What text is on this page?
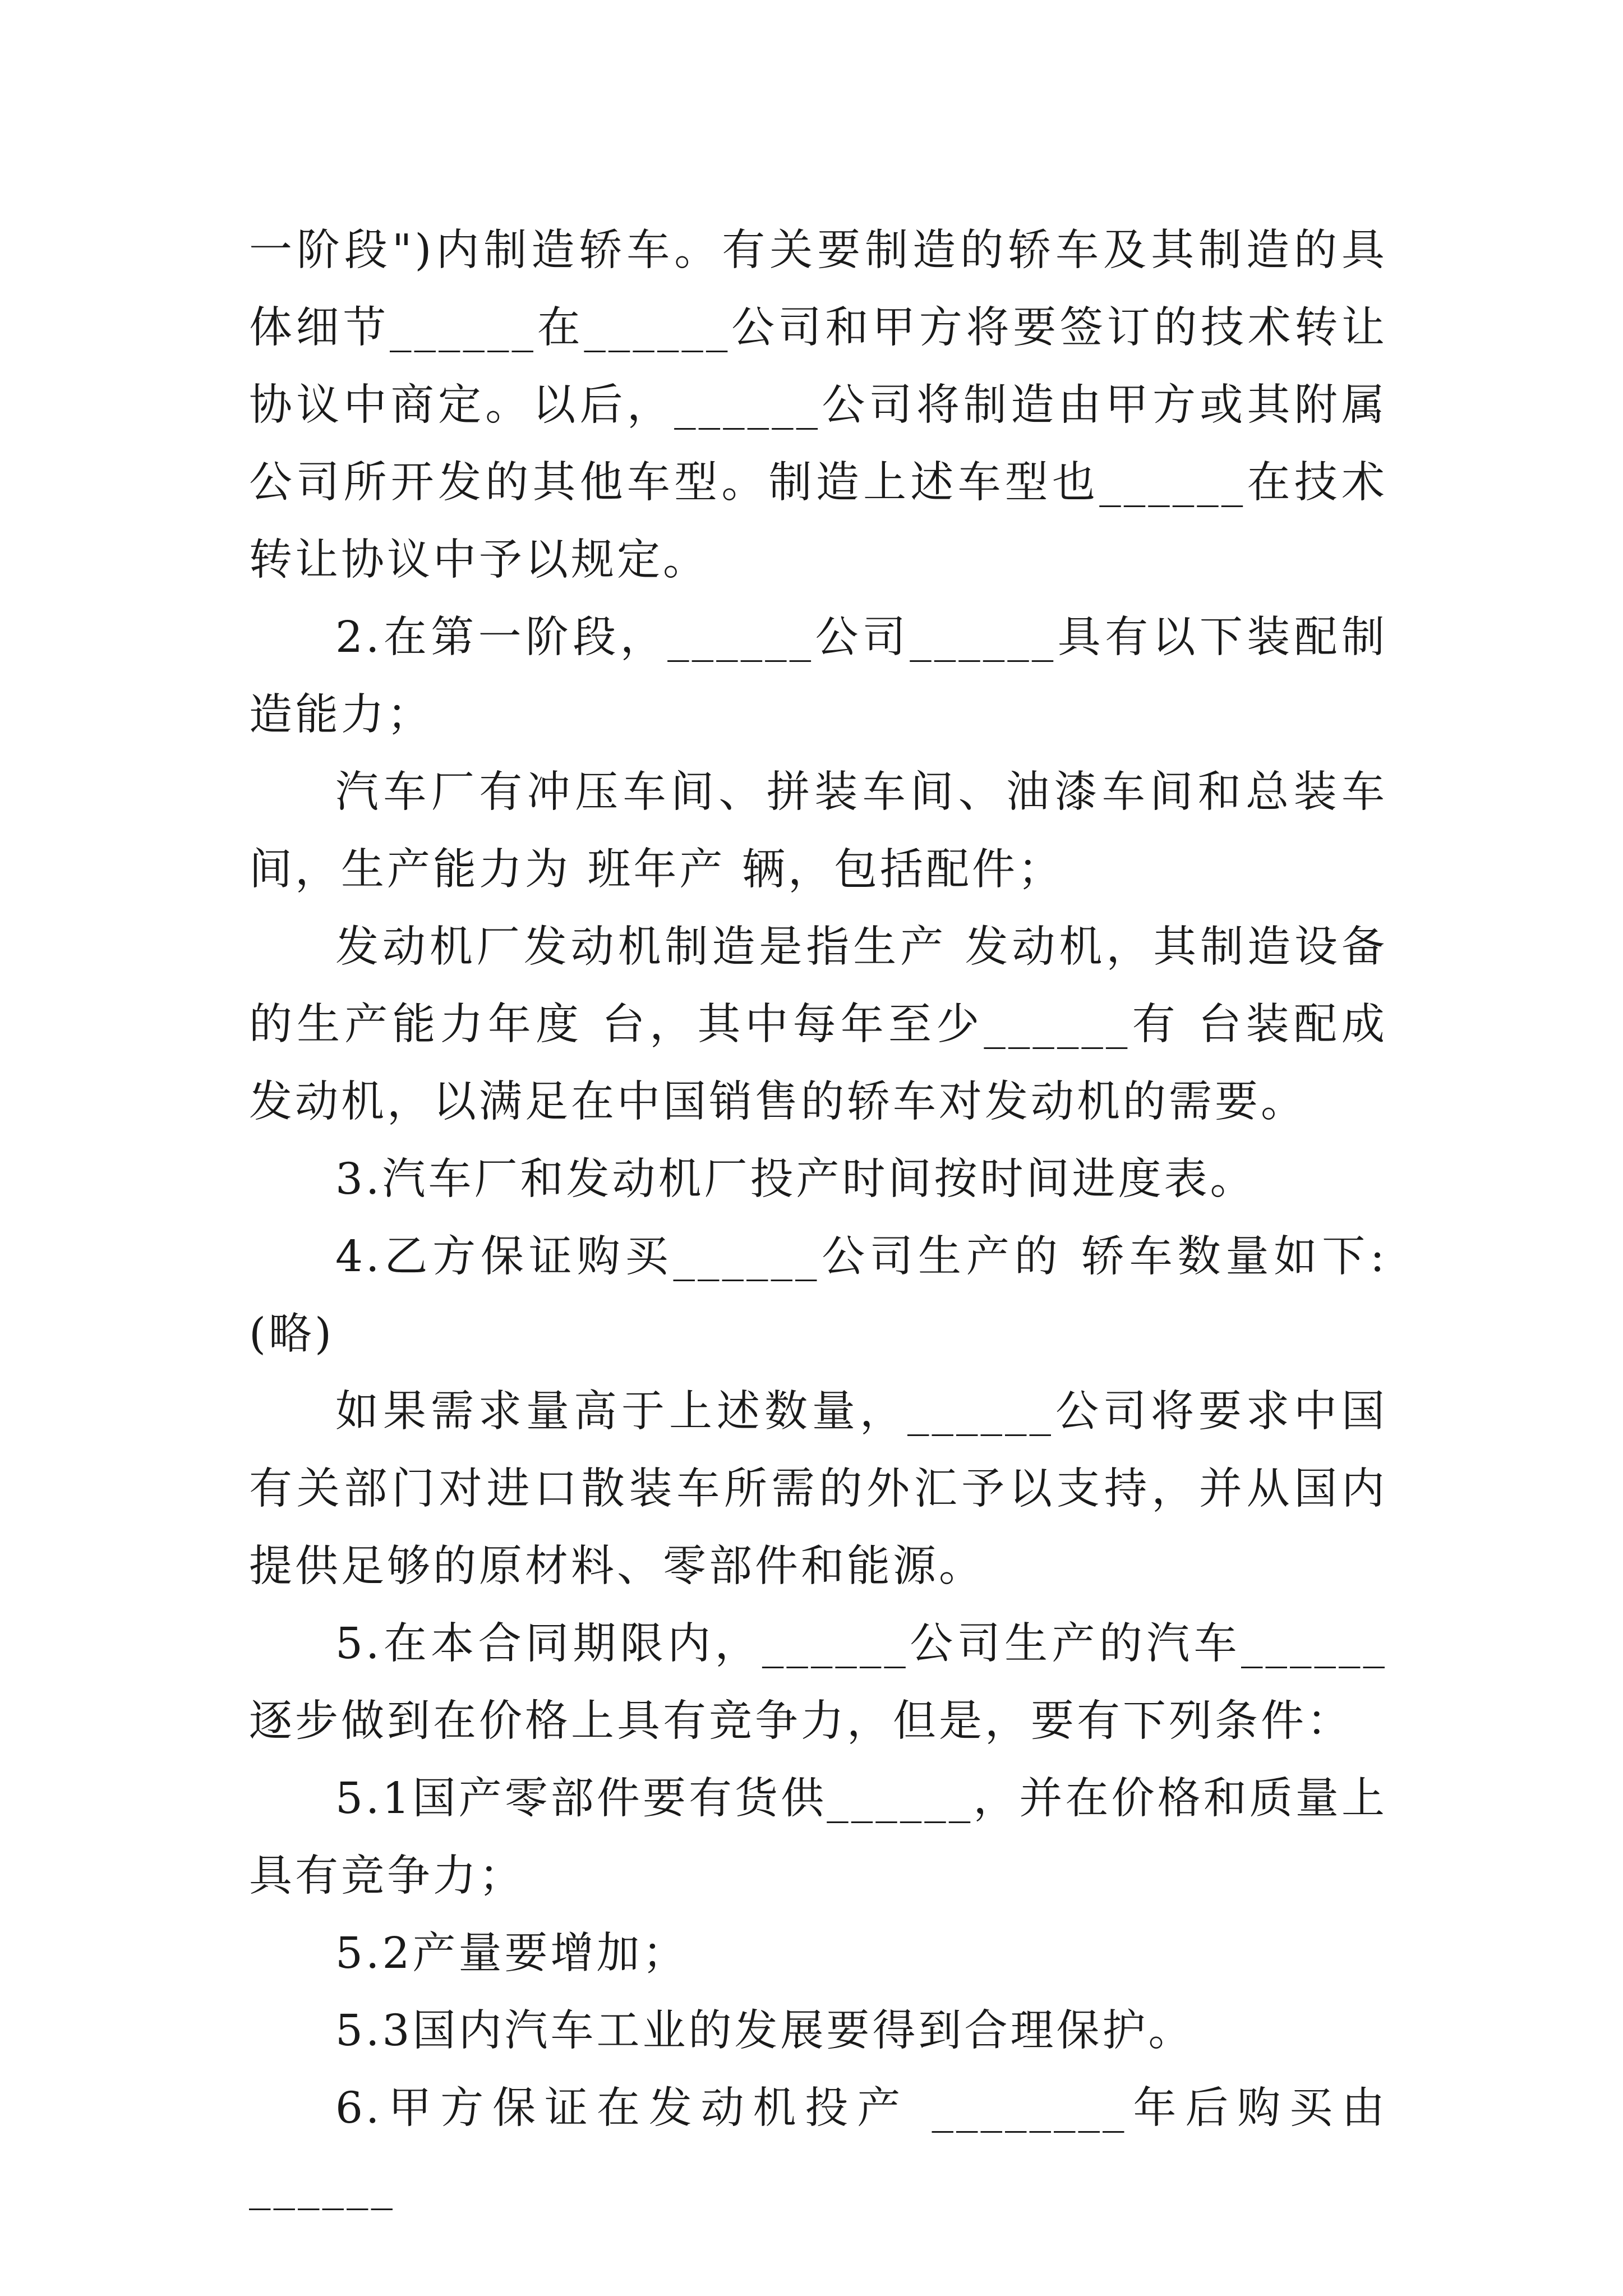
一阶段")内制造轿车。有关要制造的轿车及其制造的具体细节______在______公司和甲方将要签订的技术转让协议中商定。以后，______公司将制造由甲方或其附属公司所开发的其他车型。制造上述车型也______在技术转让协议中予以规定。

2.在第一阶段，______公司______具有以下装配制造能力；

汽车厂有冲压车间、拼装车间、油漆车间和总装车间，生产能力为 班年产 辆，包括配件；

发动机厂发动机制造是指生产 发动机，其制造设备的生产能力年度 台，其中每年至少______有 台装配成 发动机，以满足在中国销售的轿车对发动机的需要。

3.汽车厂和发动机厂投产时间按时间进度表。

4.乙方保证购买______公司生产的 轿车数量如下:(略)

如果需求量高于上述数量，______公司将要求中国有关部门对进口散装车所需的外汇予以支持，并从国内提供足够的原材料、零部件和能源。

5.在本合同期限内，______公司生产的汽车______逐步做到在价格上具有竞争力，但是，要有下列条件：

5.1国产零部件要有货供______，并在价格和质量上具有竞争力；

5.2产量要增加；

5.3国内汽车工业的发展要得到合理保护。

6.甲方保证在发动机投产 ________年后购买由______
